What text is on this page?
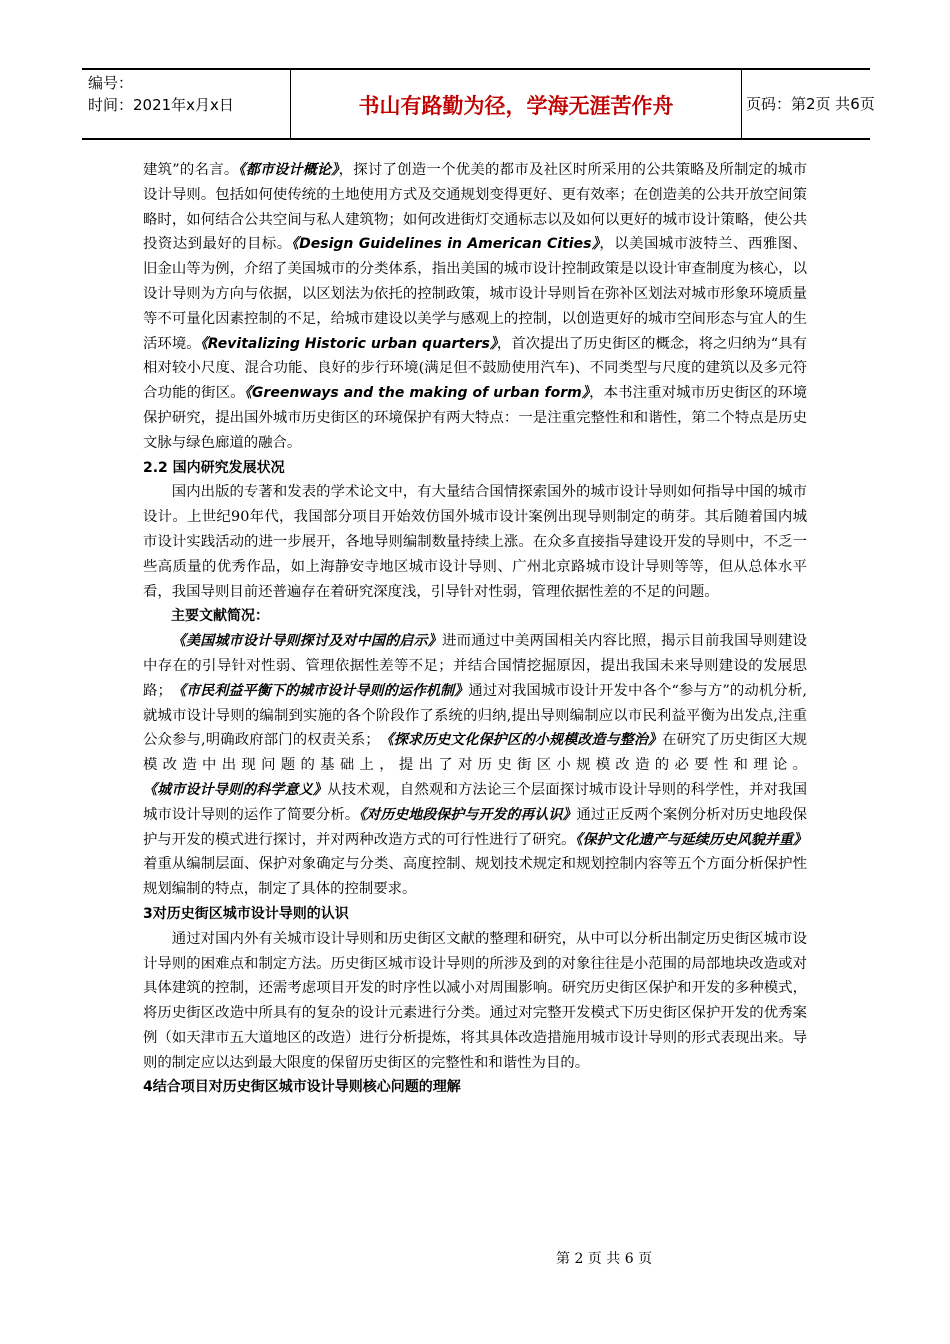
编号：
时间：2021年x月x日	书山有路勤为径，学海无涯苦作舟	页码：第2页 共6页

建筑”的名言。《都市设计概论》，探讨了创造一个优美的都市及社区时所采用的公共策略及所制定的城市设计导则。包括如何使传统的土地使用方式及交通规划变得更好、更有效率；在创造美的公共开放空间策略时，如何结合公共空间与私人建筑物；如何改进街灯交通标志以及如何以更好的城市设计策略，使公共投资达到最好的目标。《Design Guidelines in American Cities》，以美国城市波特兰、西雅图、旧金山等为例，介绍了美国城市的分类体系，指出美国的城市设计控制政策是以设计审查制度为核心，以设计导则为方向与依据，以区划法为依托的控制政策，城市设计导则旨在弥补区划法对城市形象环境质量等不可量化因素控制的不足，给城市建设以美学与感观上的控制，以创造更好的城市空间形态与宜人的生活环境。《Revitalizing Historic urban quarters》，首次提出了历史街区的概念，将之归纳为“具有相对较小尺度、混合功能、良好的步行环境(满足但不鼓励使用汽车)、不同类型与尺度的建筑以及多元符合功能的街区。《Greenways and the making of urban form》，本书注重对城市历史街区的环境保护研究，提出国外城市历史街区的环境保护有两大特点：一是注重完整性和和谐性，第二个特点是历史文脉与绿色廊道的融合。

2.2 国内研究发展状况

国内出版的专著和发表的学术论文中，有大量结合国情探索国外的城市设计导则如何指导中国的城市设计。上世纪90年代，我国部分项目开始效仿国外城市设计案例出现导则制定的萌芽。其后随着国内城市设计实践活动的进一步展开，各地导则编制数量持续上涨。在众多直接指导建设开发的导则中，不乏一些高质量的优秀作品，如上海静安寺地区城市设计导则、广州北京路城市设计导则等等，但从总体水平看，我国导则目前还普遍存在着研究深度浅，引导针对性弱，管理依据性差的不足的问题。

主要文献简况：

《美国城市设计导则探讨及对中国的启示》进而通过中美两国相关内容比照，揭示目前我国导则建设中存在的引导针对性弱、管理依据性差等不足；并结合国情挖掘原因，提出我国未来导则建设的发展思路；《市民利益平衡下的城市设计导则的运作机制》通过对我国城市设计开发中各个“参与方”的动机分析,就城市设计导则的编制到实施的各个阶段作了系统的归纳,提出导则编制应以市民利益平衡为出发点,注重公众参与,明确政府部门的权责关系；《探求历史文化保护区的小规模改造与整治》在研究了历史街区大规模改造中出现问题的基础上，提出了对历史街区小规模改造的必要性和理论。《城市设计导则的科学意义》从技术观，自然观和方法论三个层面探讨城市设计导则的科学性，并对我国城市设计导则的运作了简要分析。《对历史地段保护与开发的再认识》通过正反两个案例分析对历史地段保护与开发的模式进行探讨，并对两种改造方式的可行性进行了研究。《保护文化遗产与延续历史风貌并重》着重从编制层面、保护对象确定与分类、高度控制、规划技术规定和规划控制内容等五个方面分析保护性规划编制的特点，制定了具体的控制要求。

3对历史街区城市设计导则的认识

通过对国内外有关城市设计导则和历史街区文献的整理和研究，从中可以分析出制定历史街区城市设计导则的困难点和制定方法。历史街区城市设计导则的所涉及到的对象往往是小范围的局部地块改造或对具体建筑的控制，还需考虑项目开发的时序性以减小对周围影响。研究历史街区保护和开发的多种模式，将历史街区改造中所具有的复杂的设计元素进行分类。通过对完整开发模式下历史街区保护开发的优秀案例（如天津市五大道地区的改造）进行分析提炼，将其具体改造措施用城市设计导则的形式表现出来。导则的制定应以达到最大限度的保留历史街区的完整性和和谐性为目的。

4结合项目对历史街区城市设计导则核心问题的理解

第 2 页 共 6 页
